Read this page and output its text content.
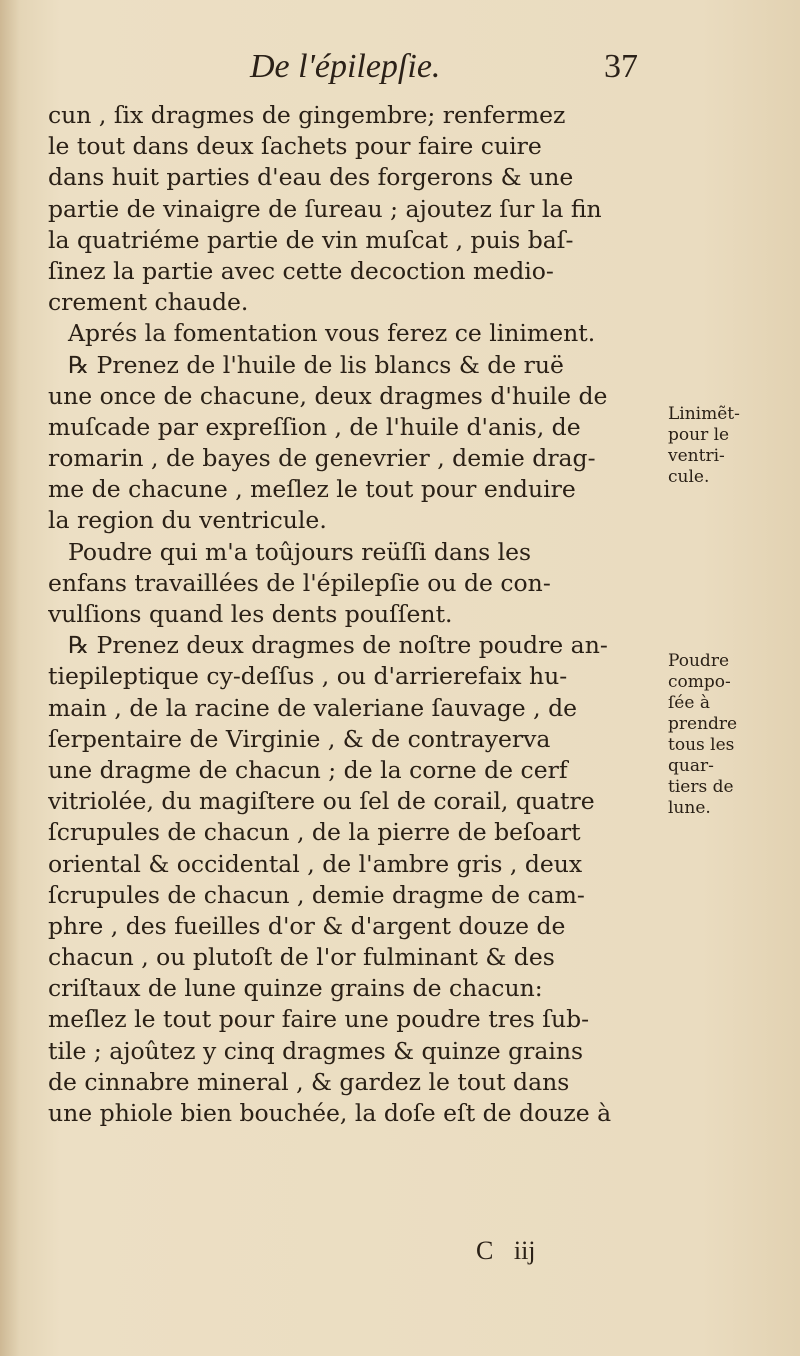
De l'épilepſie.	37
cun , ſix dragmes de gingembre; renfermez
le tout dans deux ſachets pour faire cuire
dans huit parties d'eau des forgerons & une
partie de vinaigre de ſureau ; ajoutez ſur la fin
la quatriéme partie de vin muſcat , puis baſ-
ſinez la partie avec cette decoction medio-
crement chaude.
Aprés la fomentation vous ferez ce liniment.
℞ Prenez de l'huile de lis blancs & de ruë
une once de chacune, deux dragmes d'huile de
muſcade par expreſſion , de l'huile d'anis, de
romarin , de bayes de genevrier , demie drag-
me de chacune , meſlez le tout pour enduire
la region du ventricule.
Poudre qui m'a toûjours reüſſi dans les
enfans travaillées de l'épilepſie ou de con-
vulſions quand les dents pouſſent.
℞ Prenez deux dragmes de noſtre poudre an-
tiepileptique cy-deſſus , ou d'arrierefaix hu-
main , de la racine de valeriane ſauvage , de
ſerpentaire de Virginie , & de contrayerva
une dragme de chacun ; de la corne de cerf
vitriolée, du magiſtere ou ſel de corail, quatre
ſcrupules de chacun , de la pierre de beſoart
oriental & occidental , de l'ambre gris , deux
ſcrupules de chacun , demie dragme de cam-
phre , des fueilles d'or & d'argent douze de
chacun , ou plutoſt de l'or fulminant & des
criſtaux de lune quinze grains de chacun:
meſlez le tout pour faire une poudre tres ſub-
tile ; ajoûtez y cinq dragmes & quinze grains
de cinnabre mineral , & gardez le tout dans
une phiole bien bouchée, la doſe eſt de douze à
Linimẽt-
pour le
ventri-
cule.
Poudre
compo-
ſée à
prendre
tous les
quar-
tiers de
lune.
C iij
